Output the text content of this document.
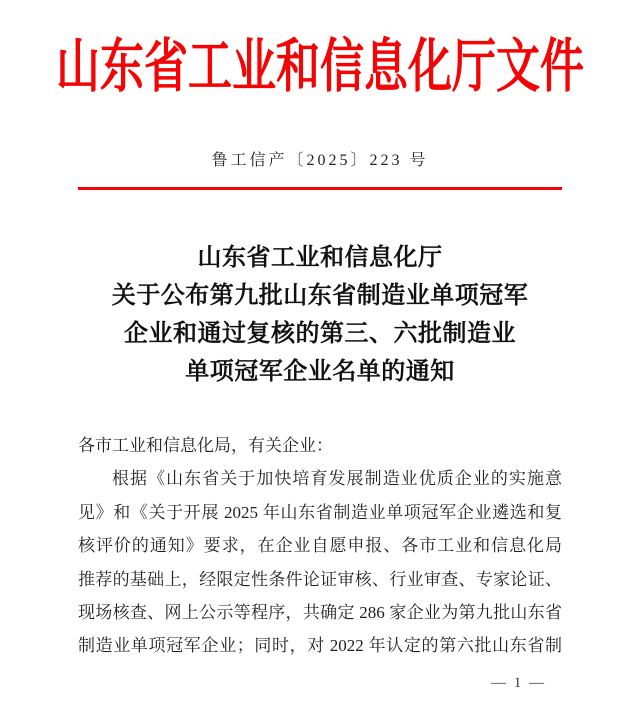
山东省工业和信息化厅文件
鲁工信产〔2025〕223 号
山东省工业和信息化厅
关于公布第九批山东省制造业单项冠军
企业和通过复核的第三、六批制造业
单项冠军企业名单的通知
各市工业和信息化局，有关企业：
根据《山东省关于加快培育发展制造业优质企业的实施意
见》和《关于开展 2025 年山东省制造业单项冠军企业遴选和复
核评价的通知》要求，在企业自愿申报、各市工业和信息化局
推荐的基础上，经限定性条件论证审核、行业审查、专家论证、
现场核查、网上公示等程序，共确定 286 家企业为第九批山东省
制造业单项冠军企业；同时，对 2022 年认定的第六批山东省制
— 1 —
